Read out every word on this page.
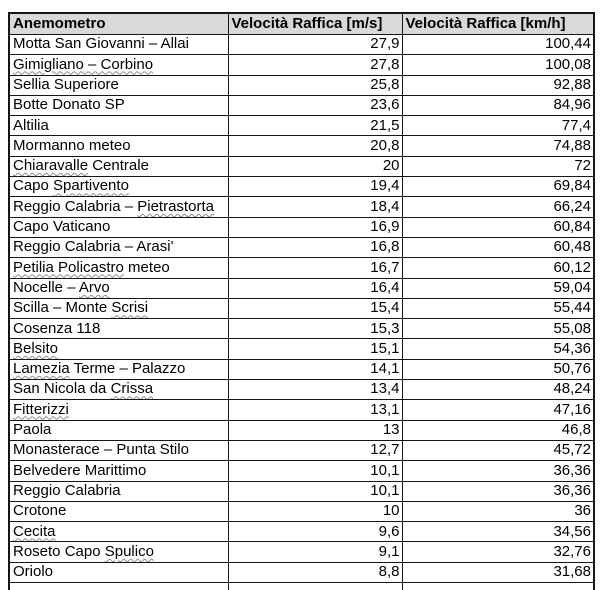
Anemometro	Velocità Raffica [m/s]	Velocità Raffica [km/h]
Motta San Giovanni – Allai	27,9	100,44
Gimigliano – Corbino	27,8	100,08
Sellia Superiore	25,8	92,88
Botte Donato SP	23,6	84,96
Altilia	21,5	77,4
Mormanno meteo	20,8	74,88
Chiaravalle Centrale	20	72
Capo Spartivento	19,4	69,84
Reggio Calabria – Pietrastorta	18,4	66,24
Capo Vaticano	16,9	60,84
Reggio Calabria – Arasi'	16,8	60,48
Petilia Policastro meteo	16,7	60,12
Nocelle – Arvo	16,4	59,04
Scilla – Monte Scrisi	15,4	55,44
Cosenza 118	15,3	55,08
Belsito	15,1	54,36
Lamezia Terme – Palazzo	14,1	50,76
San Nicola da Crissa	13,4	48,24
Fitterizzi	13,1	47,16
Paola	13	46,8
Monasterace – Punta Stilo	12,7	45,72
Belvedere Marittimo	10,1	36,36
Reggio Calabria	10,1	36,36
Crotone	10	36
Cecita	9,6	34,56
Roseto Capo Spulico	9,1	32,76
Oriolo	8,8	31,68
